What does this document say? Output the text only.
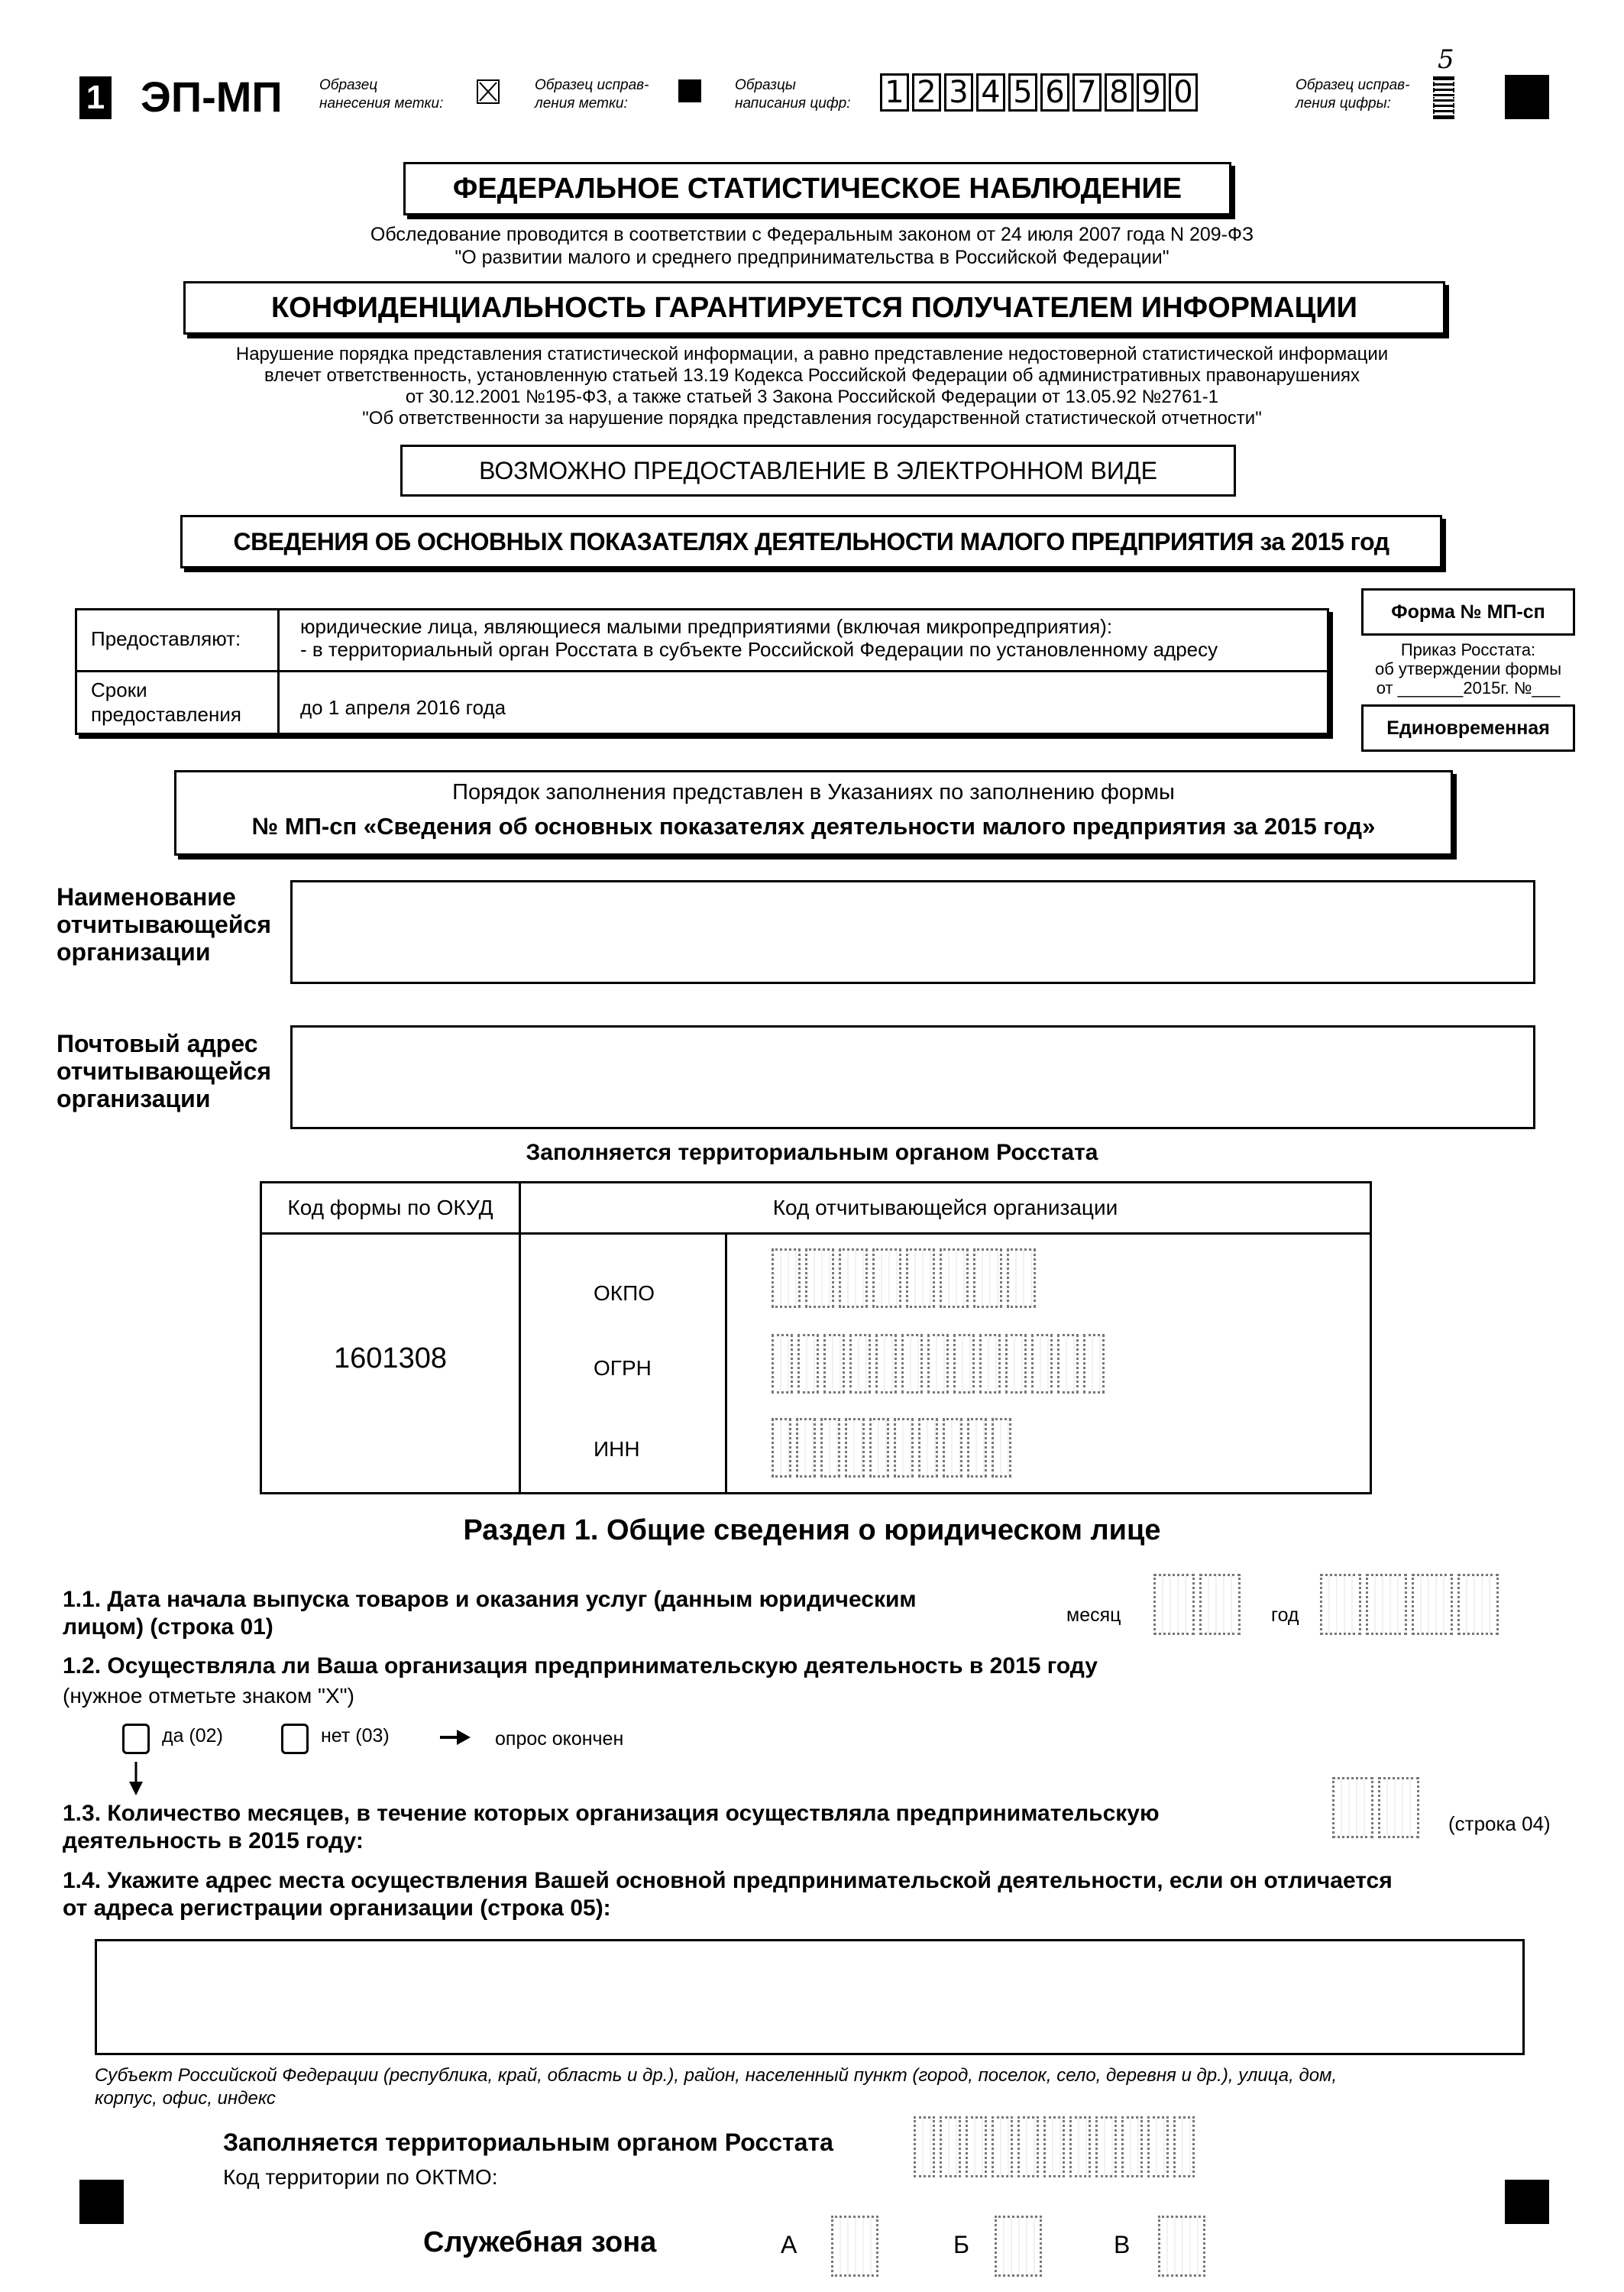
1 ЭП-МП	Образец
нанесения метки:
Образец исправ-
ления метки:
Образцы
написания цифр: 1 2 3 4 5 6 7 8 9 0	Образец исправ-
ления цифры:
5
ФЕДЕРАЛЬНОЕ СТАТИСТИЧЕСКОЕ НАБЛЮДЕНИЕ
Обследование проводится в соответствии с Федеральным законом от 24 июля 2007 года N 209-ФЗ
"О развитии малого и среднего предпринимательства в Российской Федерации"
КОНФИДЕНЦИАЛЬНОСТЬ ГАРАНТИРУЕТСЯ ПОЛУЧАТЕЛЕМ ИНФОРМАЦИИ
Нарушение порядка представления статистической информации, а равно представление недостоверной статистической информации
влечет ответственность, установленную статьей 13.19 Кодекса Российской Федерации об административных правонарушениях
от 30.12.2001 №195-ФЗ, а также статьей 3 Закона Российской Федерации от 13.05.92 №2761-1
"Об ответственности за нарушение порядка представления государственной статистической отчетности"
ВОЗМОЖНО ПРЕДОСТАВЛЕНИЕ В ЭЛЕКТРОННОМ ВИДЕ
СВЕДЕНИЯ ОБ ОСНОВНЫХ ПОКАЗАТЕЛЯХ ДЕЯТЕЛЬНОСТИ МАЛОГО ПРЕДПРИЯТИЯ за 2015 год
Предоставляют:
юридические лица, являющиеся малыми предприятиями (включая микропредприятия):
- в территориальный орган Росстата в субъекте Российской Федерации по установленному адресу
Сроки
предоставления	до 1 апреля 2016 года
Форма № МП-сп
Приказ Росстата:
об утверждении формы
от _______2015г. №___
Единовременная
Порядок заполнения представлен в Указаниях по заполнению формы
№ МП-сп «Сведения об основных показателях деятельности малого предприятия за 2015 год»
Наименование
отчитывающейся
организации
Почтовый адрес
отчитывающейся
организации
Заполняется территориальным органом Росстата
Код формы по ОКУД	Код отчитывающейся организации
1601308
ОКПО
ОГРН
ИНН
Раздел 1. Общие сведения о юридическом лице
1.1. Дата начала выпуска товаров и оказания услуг (данным юридическим
лицом) (строка 01)	месяц	год
1.2. Осуществляла ли Ваша организация предпринимательскую деятельность в 2015 году
(нужное отметьте знаком "X")
да (02)	нет (03)	опрос окончен
1.3. Количество месяцев, в течение которых организация осуществляла предпринимательскую
деятельность в 2015 году:
(строка 04)
1.4. Укажите адрес места осуществления Вашей основной предпринимательской деятельности, если он отличается
от адреса регистрации организации (строка 05):
Субъект Российской Федерации (республика, край, область и др.), район, населенный пункт (город, поселок, село, деревня и др.), улица, дом,
корпус, офис, индекс
Заполняется территориальным органом Росстата
Код территории по ОКТМО:
Служебная зона	А	Б	В
